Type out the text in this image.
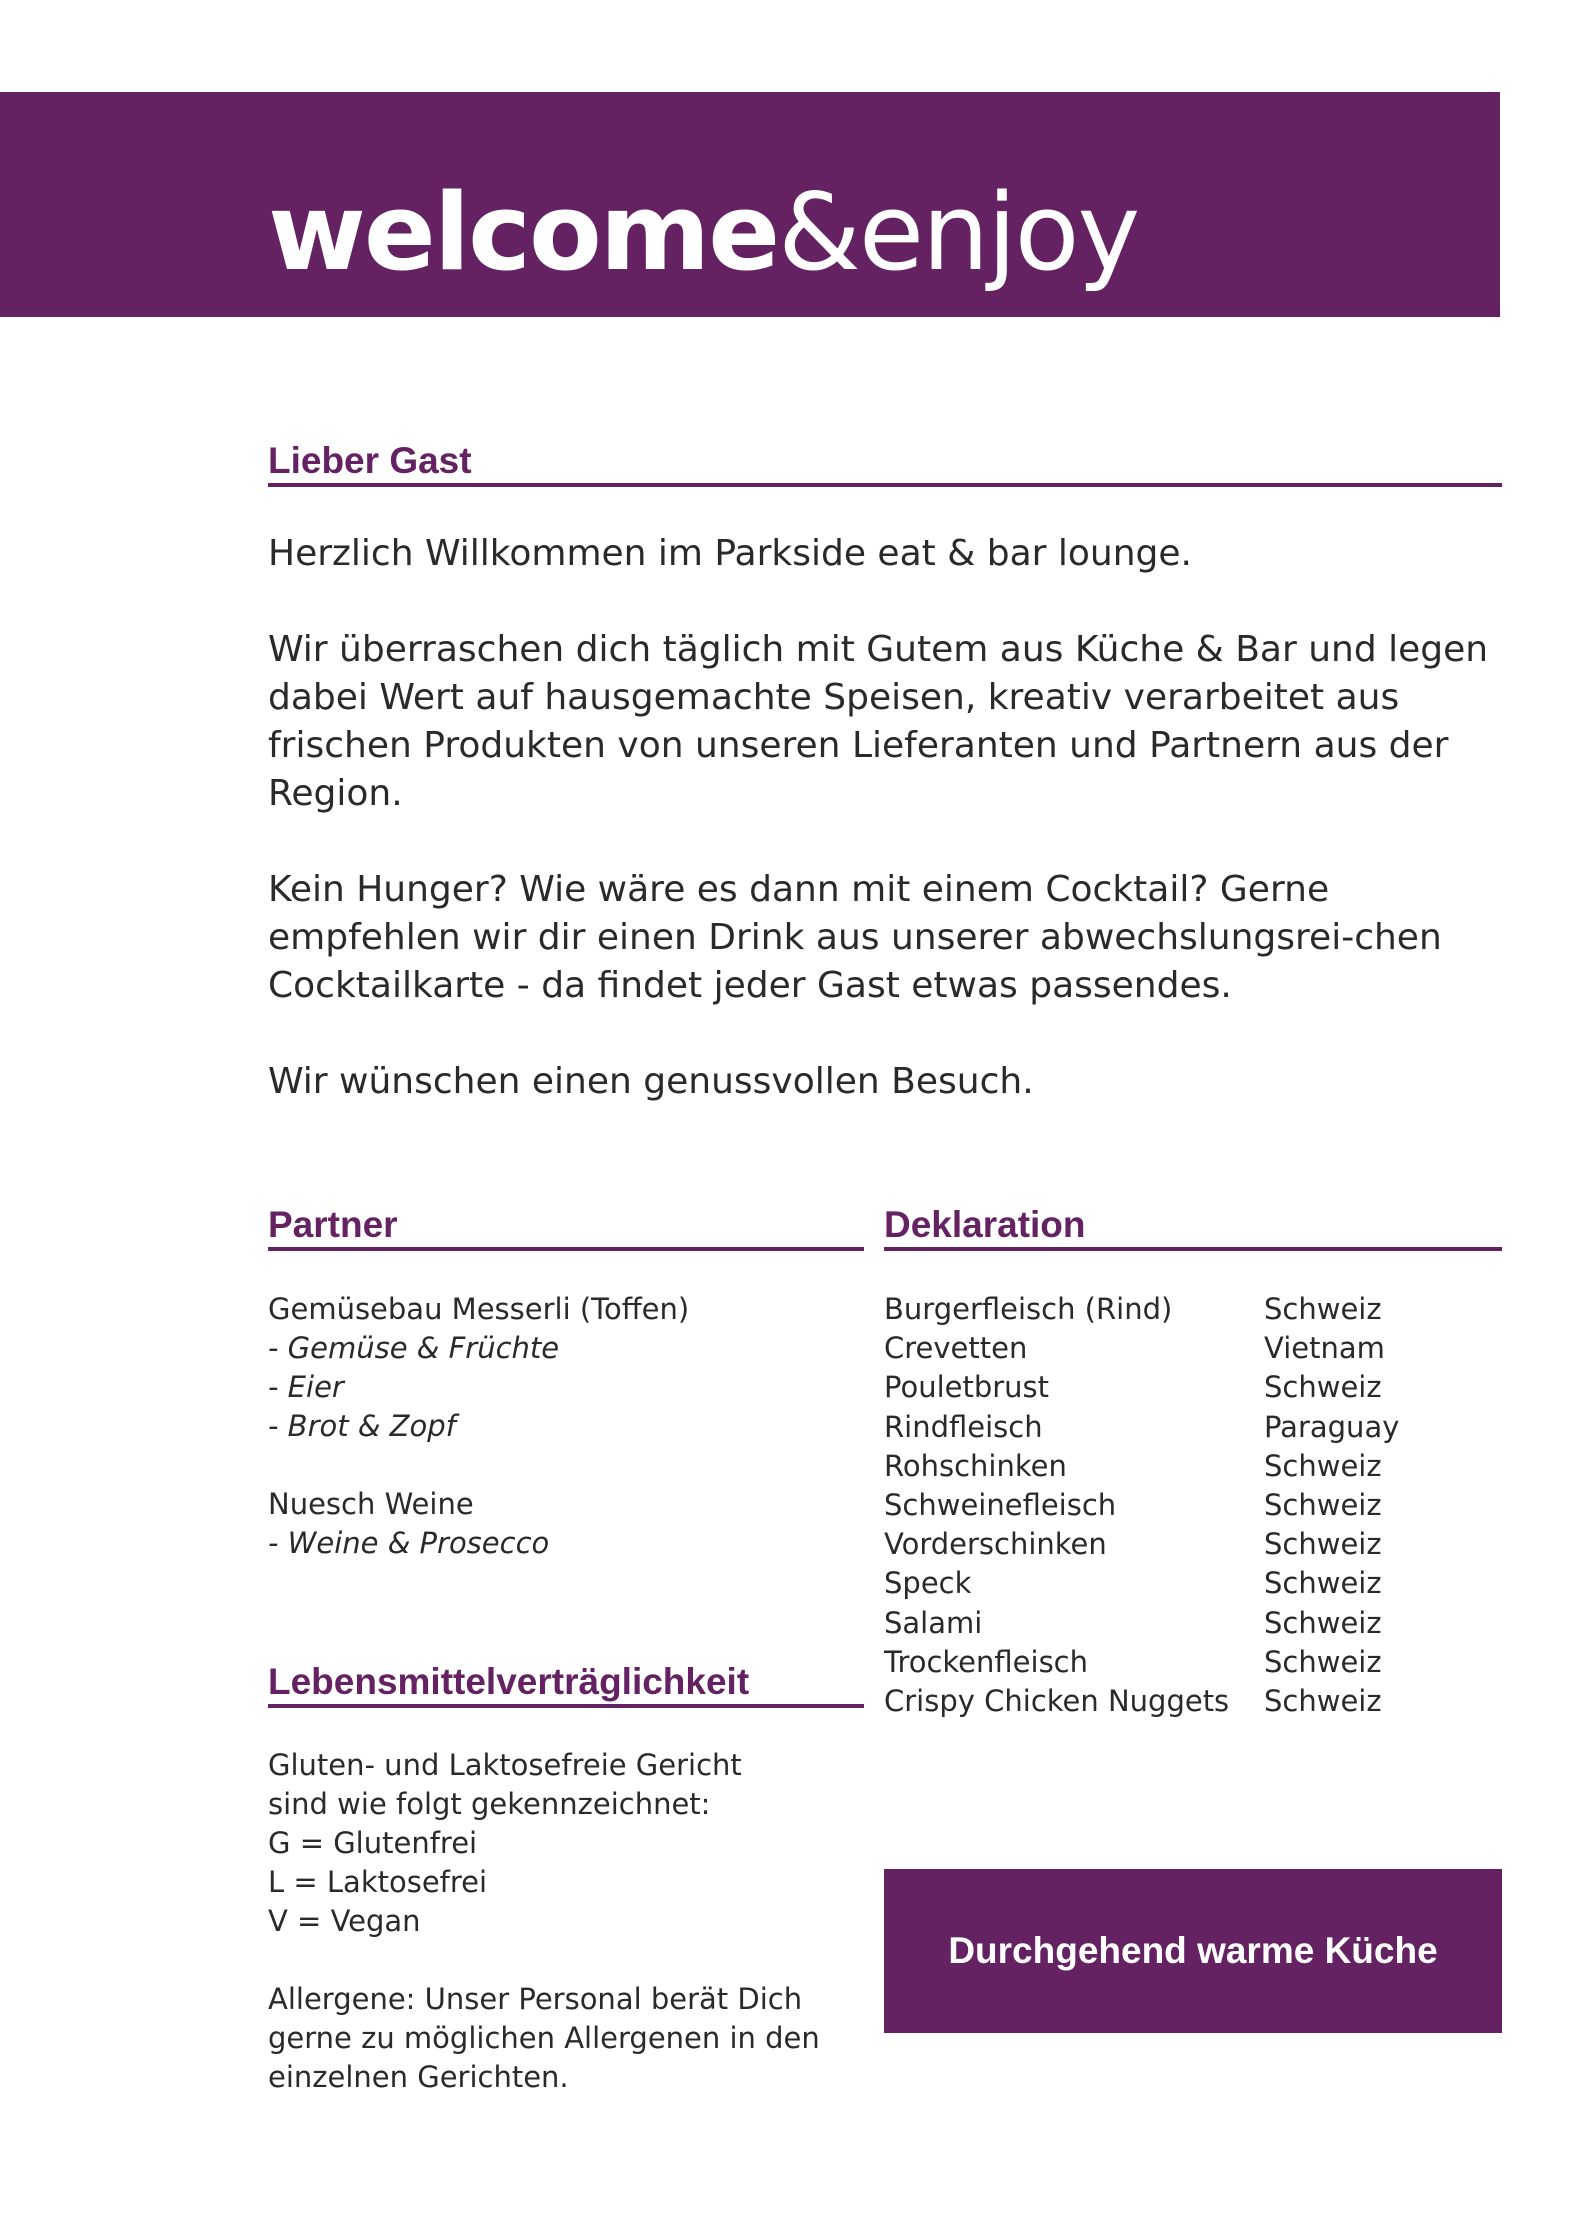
welcome&enjoy
Lieber Gast

Herzlich Willkommen im Parkside eat & bar lounge.

Wir überraschen dich täglich mit Gutem aus Küche & Bar und legen dabei Wert auf hausgemachte Speisen, kreativ verarbeitet aus frischen Produkten von unseren Lieferanten und Partnern aus der Region.

Kein Hunger? Wie wäre es dann mit einem Cocktail? Gerne empfehlen wir dir einen Drink aus unserer abwechslungsrei-chen Cocktailkarte - da findet jeder Gast etwas passendes.

Wir wünschen einen genussvollen Besuch.

Partner
Gemüsebau Messerli (Toffen)
- Gemüse & Früchte
- Eier
- Brot & Zopf
Nuesch Weine
- Weine & Prosecco
Lebensmittelverträglichkeit
Gluten- und Laktosefreie Gericht
sind wie folgt gekennzeichnet:
G = Glutenfrei
L = Laktosefrei
V = Vegan
Allergene: Unser Personal berät Dich
gerne zu möglichen Allergenen in den
einzelnen Gerichten.
Deklaration
Burgerfleisch (Rind)	Schweiz
Crevetten	Vietnam
Pouletbrust	Schweiz
Rindfleisch	Paraguay
Rohschinken	Schweiz
Schweinefleisch	Schweiz
Vorderschinken	Schweiz
Speck	Schweiz
Salami	Schweiz
Trockenfleisch	Schweiz
Crispy Chicken Nuggets	Schweiz
Durchgehend warme Küche
